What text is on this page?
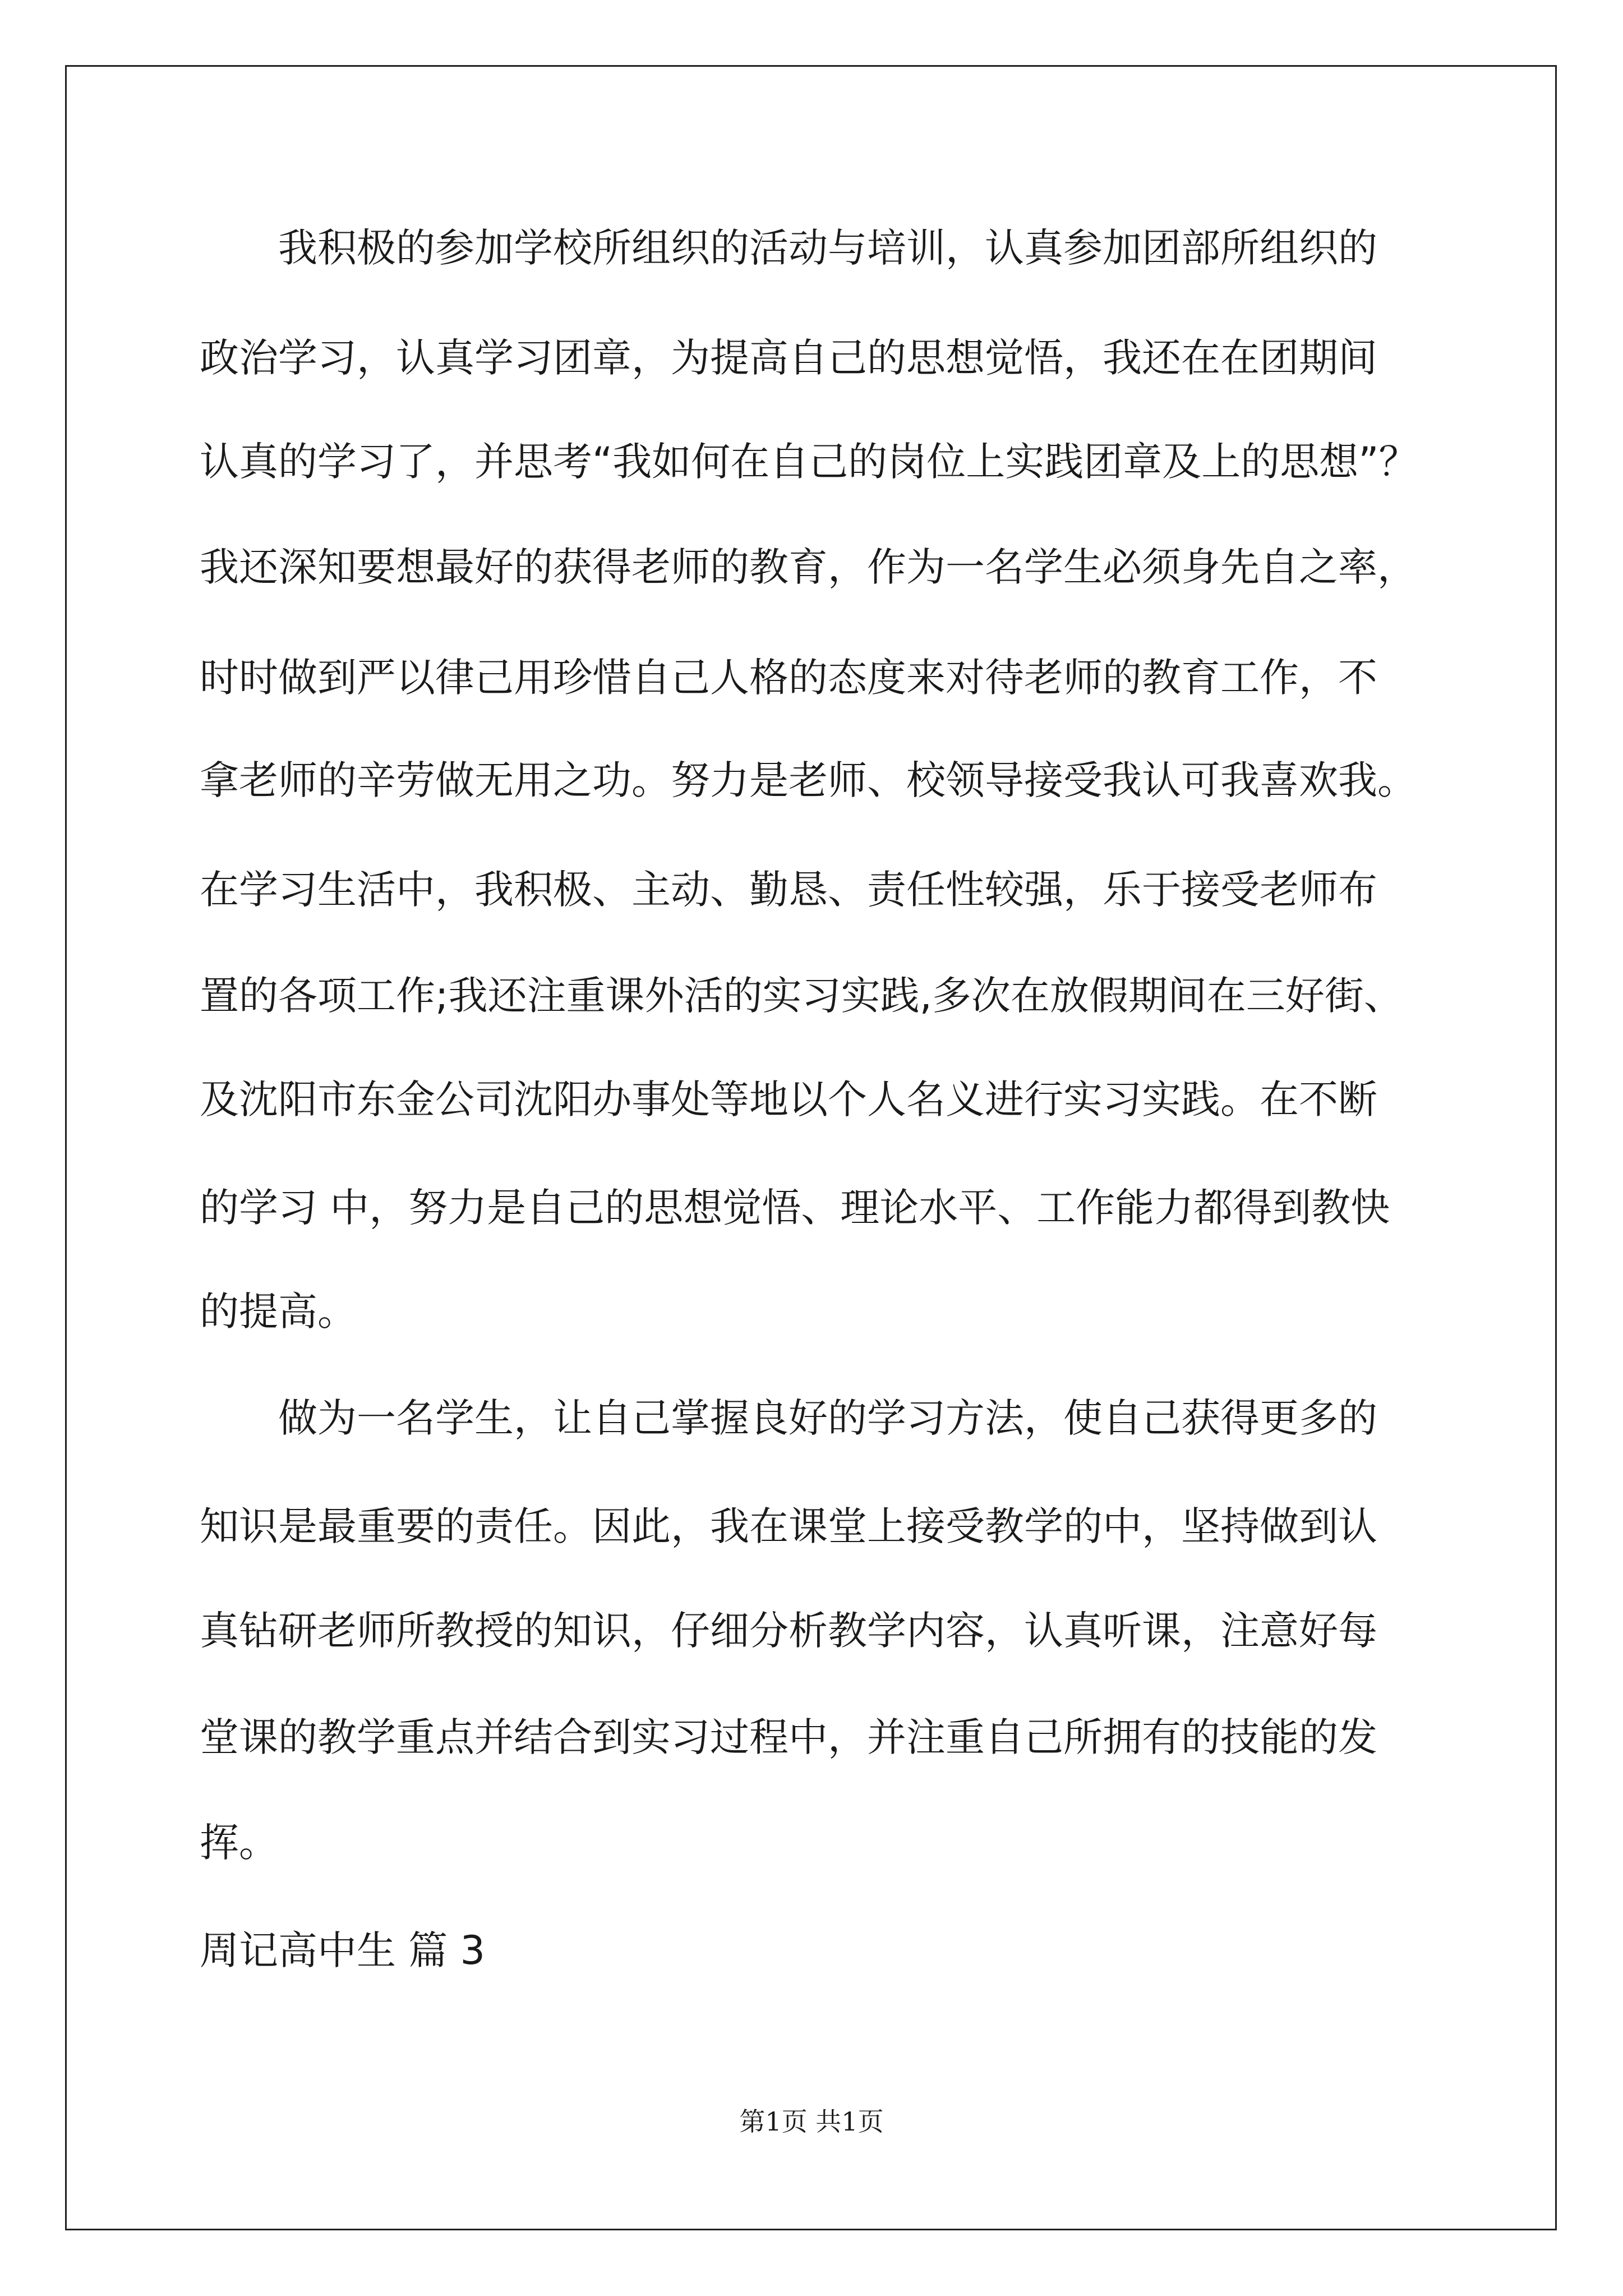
　　我积极的参加学校所组织的活动与培训，认真参加团部所组织的
政治学习，认真学习团章，为提高自己的思想觉悟，我还在在团期间
认真的学习了，并思考“我如何在自己的岗位上实践团章及上的思想”？
我还深知要想最好的获得老师的教育，作为一名学生必须身先自之率，
时时做到严以律己用珍惜自己人格的态度来对待老师的教育工作，不
拿老师的辛劳做无用之功。努力是老师、校领导接受我认可我喜欢我。
在学习生活中，我积极、主动、勤恳、责任性较强，乐于接受老师布
置的各项工作;我还注重课外活的实习实践,多次在放假期间在三好街、
及沈阳市东金公司沈阳办事处等地以个人名义进行实习实践。在不断
的学习 中，努力是自己的思想觉悟、理论水平、工作能力都得到教快
的提高。
　　做为一名学生，让自己掌握良好的学习方法，使自己获得更多的
知识是最重要的责任。因此，我在课堂上接受教学的中，坚持做到认
真钻研老师所教授的知识，仔细分析教学内容，认真听课，注意好每
堂课的教学重点并结合到实习过程中，并注重自己所拥有的技能的发
挥。
周记高中生 篇 3
第1页 共1页
